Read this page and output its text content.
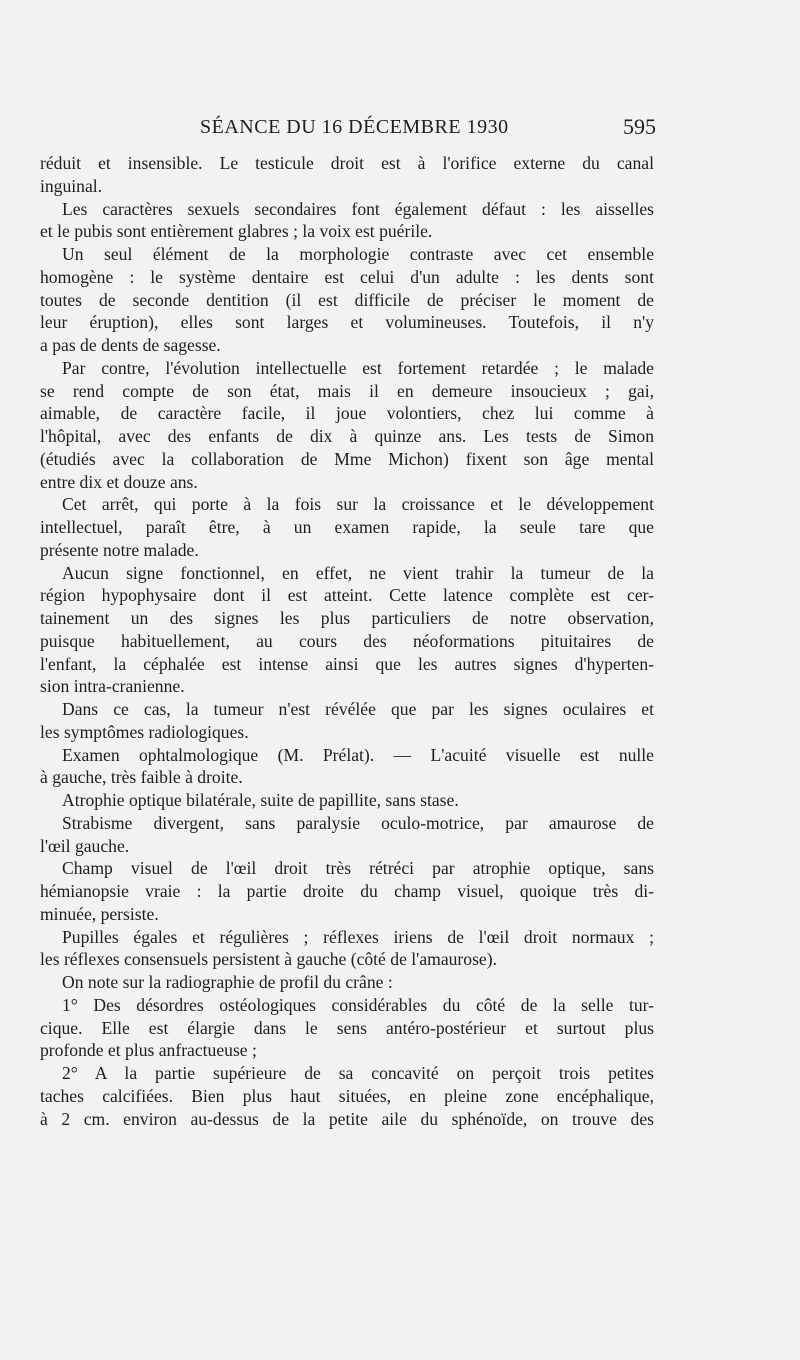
SÉANCE DU 16 DÉCEMBRE 1930	595
réduit et insensible. Le testicule droit est à l'orifice externe du canal
inguinal.
Les caractères sexuels secondaires font également défaut : les aisselles
et le pubis sont entièrement glabres ; la voix est puérile.
Un seul élément de la morphologie contraste avec cet ensemble
homogène : le système dentaire est celui d'un adulte : les dents sont
toutes de seconde dentition (il est difficile de préciser le moment de
leur éruption), elles sont larges et volumineuses. Toutefois, il n'y
a pas de dents de sagesse.
Par contre, l'évolution intellectuelle est fortement retardée ; le malade
se rend compte de son état, mais il en demeure insoucieux ; gai,
aimable, de caractère facile, il joue volontiers, chez lui comme à
l'hôpital, avec des enfants de dix à quinze ans. Les tests de Simon
(étudiés avec la collaboration de Mme Michon) fixent son âge mental
entre dix et douze ans.
Cet arrêt, qui porte à la fois sur la croissance et le développement
intellectuel, paraît être, à un examen rapide, la seule tare que
présente notre malade.
Aucun signe fonctionnel, en effet, ne vient trahir la tumeur de la
région hypophysaire dont il est atteint. Cette latence complète est cer-
tainement un des signes les plus particuliers de notre observation,
puisque habituellement, au cours des néoformations pituitaires de
l'enfant, la céphalée est intense ainsi que les autres signes d'hyperten-
sion intra-cranienne.
Dans ce cas, la tumeur n'est révélée que par les signes oculaires et
les symptômes radiologiques.
Examen ophtalmologique (M. Prélat). — L'acuité visuelle est nulle
à gauche, très faible à droite.
Atrophie optique bilatérale, suite de papillite, sans stase.
Strabisme divergent, sans paralysie oculo-motrice, par amaurose de
l'œil gauche.
Champ visuel de l'œil droit très rétréci par atrophie optique, sans
hémianopsie vraie : la partie droite du champ visuel, quoique très di-
minuée, persiste.
Pupilles égales et régulières ; réflexes iriens de l'œil droit normaux ;
les réflexes consensuels persistent à gauche (côté de l'amaurose).
On note sur la radiographie de profil du crâne :
1° Des désordres ostéologiques considérables du côté de la selle tur-
cique. Elle est élargie dans le sens antéro-postérieur et surtout plus
profonde et plus anfractueuse ;
2° A la partie supérieure de sa concavité on perçoit trois petites
taches calcifiées. Bien plus haut situées, en pleine zone encéphalique,
à 2 cm. environ au-dessus de la petite aile du sphénoïde, on trouve des
